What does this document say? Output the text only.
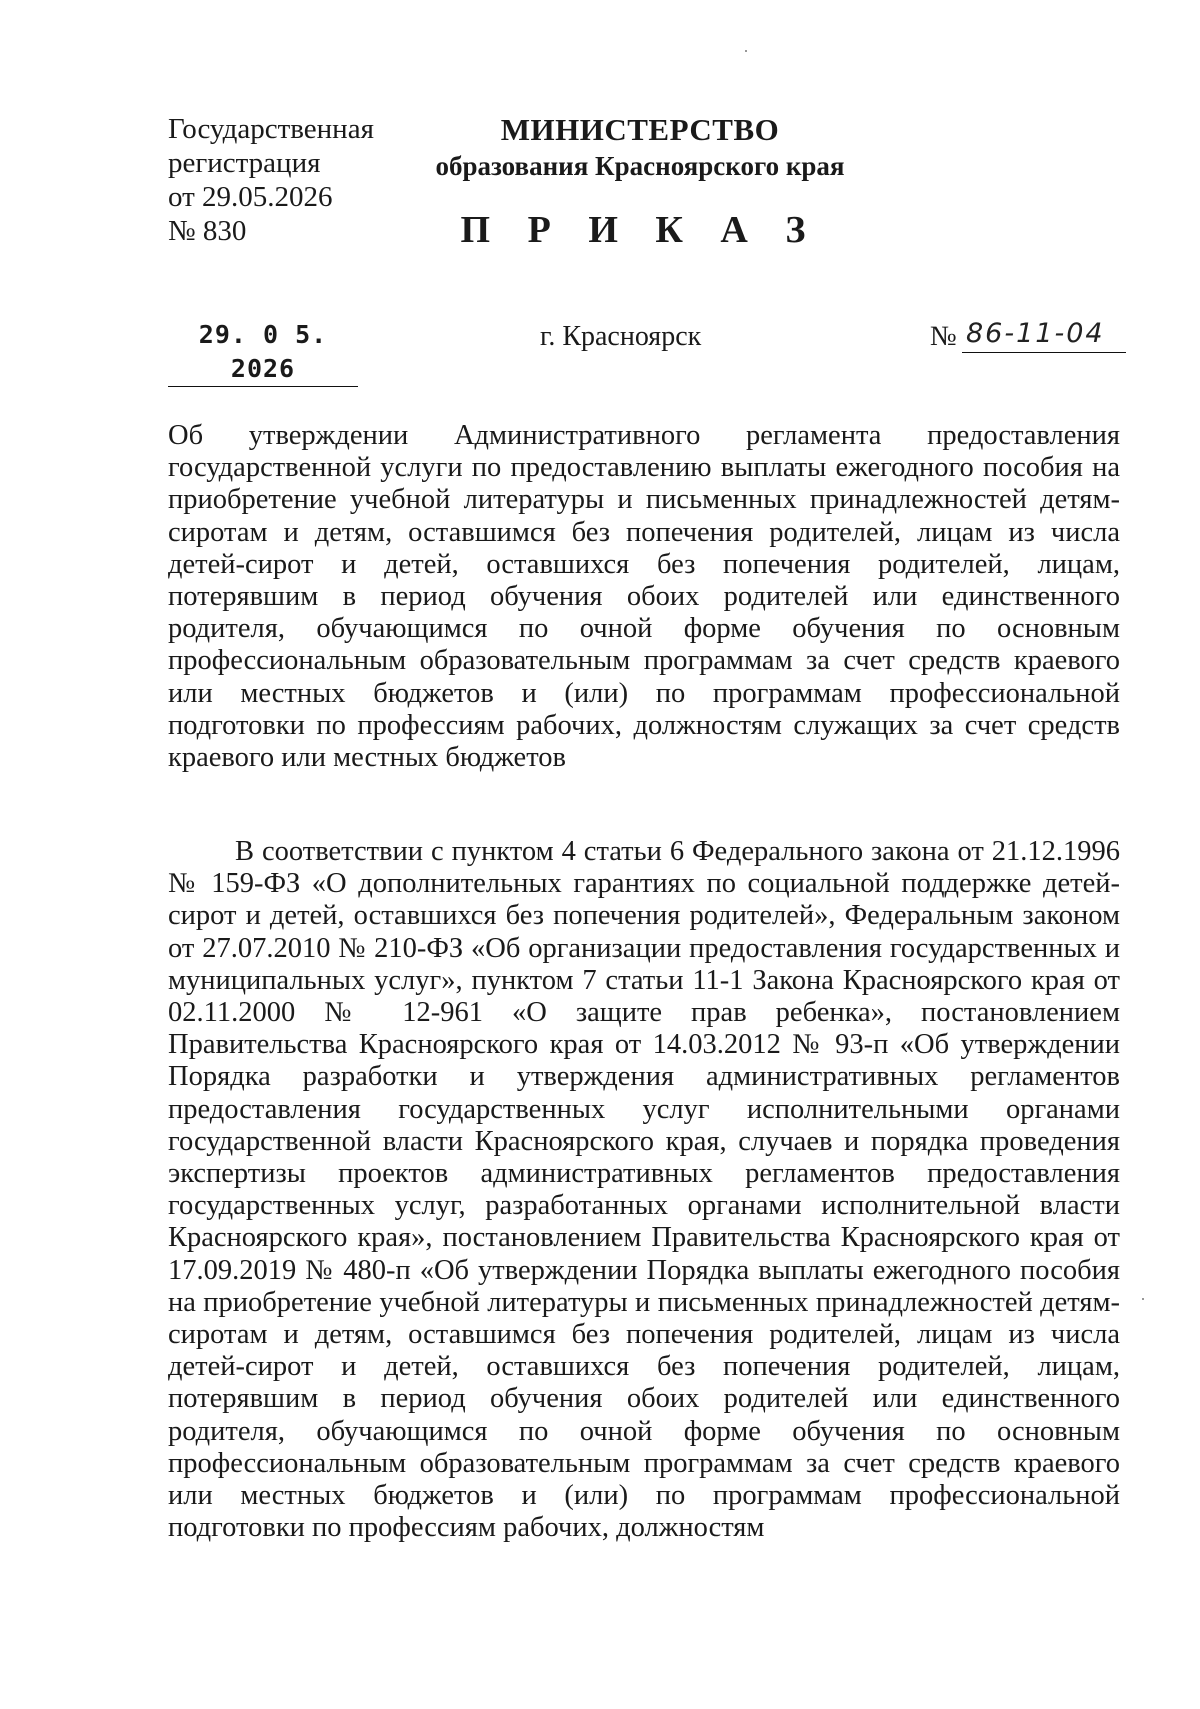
Государственная
регистрация
от 29.05.2026
№ 830
МИНИСТЕРСТВО
образования Красноярского края
П Р И К А З
29. 0 5. 2026
г. Красноярск	№ 86-11-04
Об утверждении Административного регламента предоставления государственной услуги по предоставлению выплаты ежегодного пособия на приобретение учебной литературы и письменных принадлежностей детям-сиротам и детям, оставшимся без попечения родителей, лицам из числа детей-сирот и детей, оставшихся без попечения родителей, лицам, потерявшим в период обучения обоих родителей или единственного родителя, обучающимся по очной форме обучения по основным профессиональным образовательным программам за счет средств краевого или местных бюджетов и (или) по программам профессиональной подготовки по профессиям рабочих, должностям служащих за счет средств краевого или местных бюджетов
В соответствии с пунктом 4 статьи 6 Федерального закона от 21.12.1996 № 159-ФЗ «О дополнительных гарантиях по социальной поддержке детей-сирот и детей, оставшихся без попечения родителей», Федеральным законом от 27.07.2010 № 210-ФЗ «Об организации предоставления государственных и муниципальных услуг», пунктом 7 статьи 11-1 Закона Красноярского края от 02.11.2000 № 12-961 «О защите прав ребенка», постановлением Правительства Красноярского края от 14.03.2012 № 93-п «Об утверждении Порядка разработки и утверждения административных регламентов предоставления государственных услуг исполнительными органами государственной власти Красноярского края, случаев и порядка проведения экспертизы проектов административных регламентов предоставления государственных услуг, разработанных органами исполнительной власти Красноярского края», постановлением Правительства Красноярского края от 17.09.2019 № 480-п «Об утверждении Порядка выплаты ежегодного пособия на приобретение учебной литературы и письменных принадлежностей детям-сиротам и детям, оставшимся без попечения родителей, лицам из числа детей-сирот и детей, оставшихся без попечения родителей, лицам, потерявшим в период обучения обоих родителей или единственного родителя, обучающимся по очной форме обучения по основным профессиональным образовательным программам за счет средств краевого или местных бюджетов и (или) по программам профессиональной подготовки по профессиям рабочих, должностям
